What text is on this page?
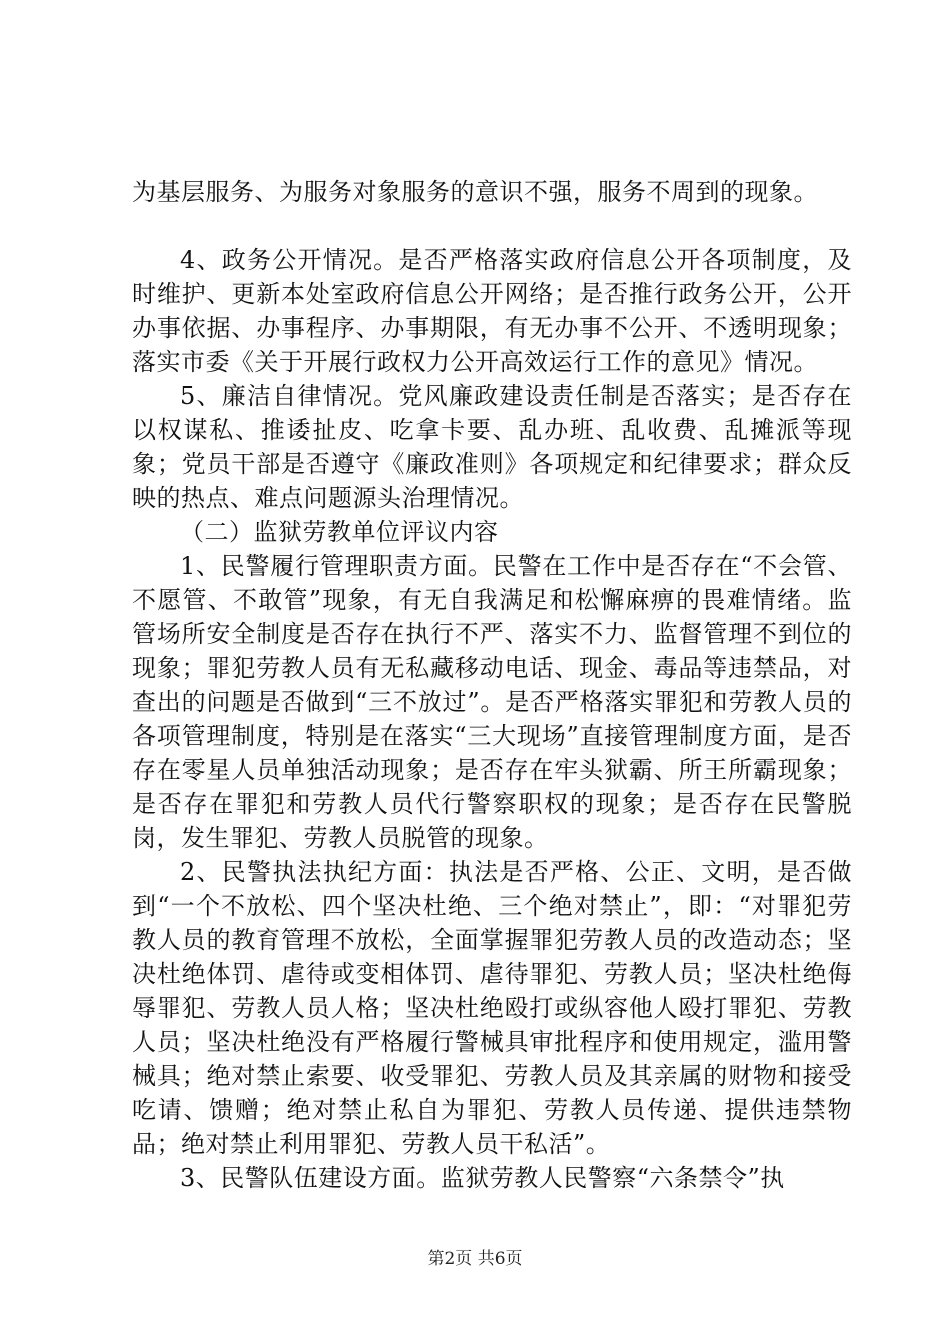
为基层服务、为服务对象服务的意识不强，服务不周到的现象。

4、政务公开情况。是否严格落实政府信息公开各项制度，及时维护、更新本处室政府信息公开网络；是否推行政务公开，公开办事依据、办事程序、办事期限，有无办事不公开、不透明现象；落实市委《关于开展行政权力公开高效运行工作的意见》情况。

5、廉洁自律情况。党风廉政建设责任制是否落实；是否存在以权谋私、推诿扯皮、吃拿卡要、乱办班、乱收费、乱摊派等现象；党员干部是否遵守《廉政准则》各项规定和纪律要求；群众反映的热点、难点问题源头治理情况。

（二）监狱劳教单位评议内容

1、民警履行管理职责方面。民警在工作中是否存在“不会管、不愿管、不敢管”现象，有无自我满足和松懈麻痹的畏难情绪。监管场所安全制度是否存在执行不严、落实不力、监督管理不到位的现象；罪犯劳教人员有无私藏移动电话、现金、毒品等违禁品，对查出的问题是否做到“三不放过”。是否严格落实罪犯和劳教人员的各项管理制度，特别是在落实“三大现场”直接管理制度方面，是否存在零星人员单独活动现象；是否存在牢头狱霸、所王所霸现象；是否存在罪犯和劳教人员代行警察职权的现象；是否存在民警脱岗，发生罪犯、劳教人员脱管的现象。

2、民警执法执纪方面：执法是否严格、公正、文明，是否做到“一个不放松、四个坚决杜绝、三个绝对禁止”，即：“对罪犯劳教人员的教育管理不放松，全面掌握罪犯劳教人员的改造动态；坚决杜绝体罚、虐待或变相体罚、虐待罪犯、劳教人员；坚决杜绝侮辱罪犯、劳教人员人格；坚决杜绝殴打或纵容他人殴打罪犯、劳教人员；坚决杜绝没有严格履行警械具审批程序和使用规定，滥用警械具；绝对禁止索要、收受罪犯、劳教人员及其亲属的财物和接受吃请、馈赠；绝对禁止私自为罪犯、劳教人员传递、提供违禁物品；绝对禁止利用罪犯、劳教人员干私活”。

3、民警队伍建设方面。监狱劳教人民警察“六条禁令”执

第2页 共6页
